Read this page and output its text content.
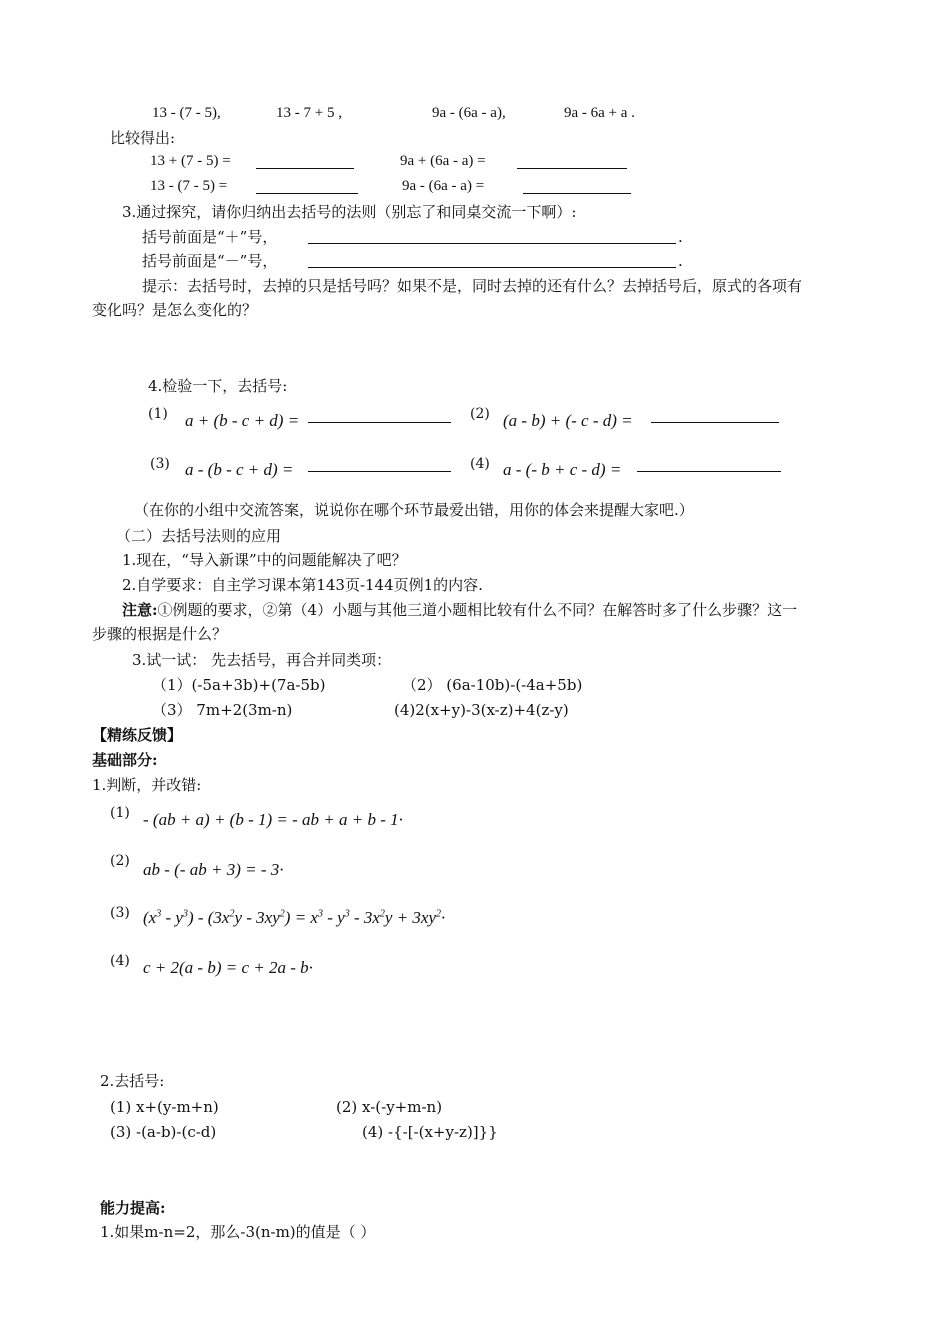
13 - (7 - 5),	13 - 7 + 5 ,	9a - (6a - a),	9a - 6a + a .
比较得出:
13 + (7 - 5) =	9a + (6a - a) =
13 - (7 - 5) =	9a - (6a - a) =
3.通过探究，请你归纳出去括号的法则（别忘了和同桌交流一下啊）:
括号前面是“＋”号，	.
括号前面是“－”号，	.
提示：去括号时，去掉的只是括号吗？如果不是，同时去掉的还有什么？去掉括号后，原式的各项有
变化吗？是怎么变化的？
4.检验一下，去括号:
(1) a + (b - c + d) =	(2) (a - b) + (- c - d) =
(3) a - (b - c + d) =	(4) a - (- b + c - d) =
（在你的小组中交流答案，说说你在哪个环节最爱出错，用你的体会来提醒大家吧.）
（二）去括号法则的应用
1.现在，“导入新课”中的问题能解决了吧？
2.自学要求：自主学习课本第143页-144页例1的内容.
注意:①例题的要求，②第（4）小题与其他三道小题相比较有什么不同？在解答时多了什么步骤？这一
步骤的根据是什么？
3.试一试： 先去括号，再合并同类项：
（1）(-5a+3b)+(7a-5b)	（2） (6a-10b)-(-4a+5b)
（3） 7m+2(3m-n)	(4)2(x+y)-3(x-z)+4(z-y)
【精练反馈】
基础部分:
1.判断，并改错:
(1) - (ab + a) + (b - 1) = - ab + a + b - 1·
(2) ab - (- ab + 3) = - 3·
(3) $(x^3 - y^3) - (3x^2y - 3xy^2) = x^3 - y^3 - 3x^2y + 3xy^2\cdot$
(4) c + 2(a - b) = c + 2a - b·
2.去括号:
(1) x+(y-m+n)	(2) x-(-y+m-n)
(3) -(a-b)-(c-d)	(4) -{-[-(x+y-z)]}}
能力提高:
1.如果m-n=2，那么-3(n-m)的值是（ ）
